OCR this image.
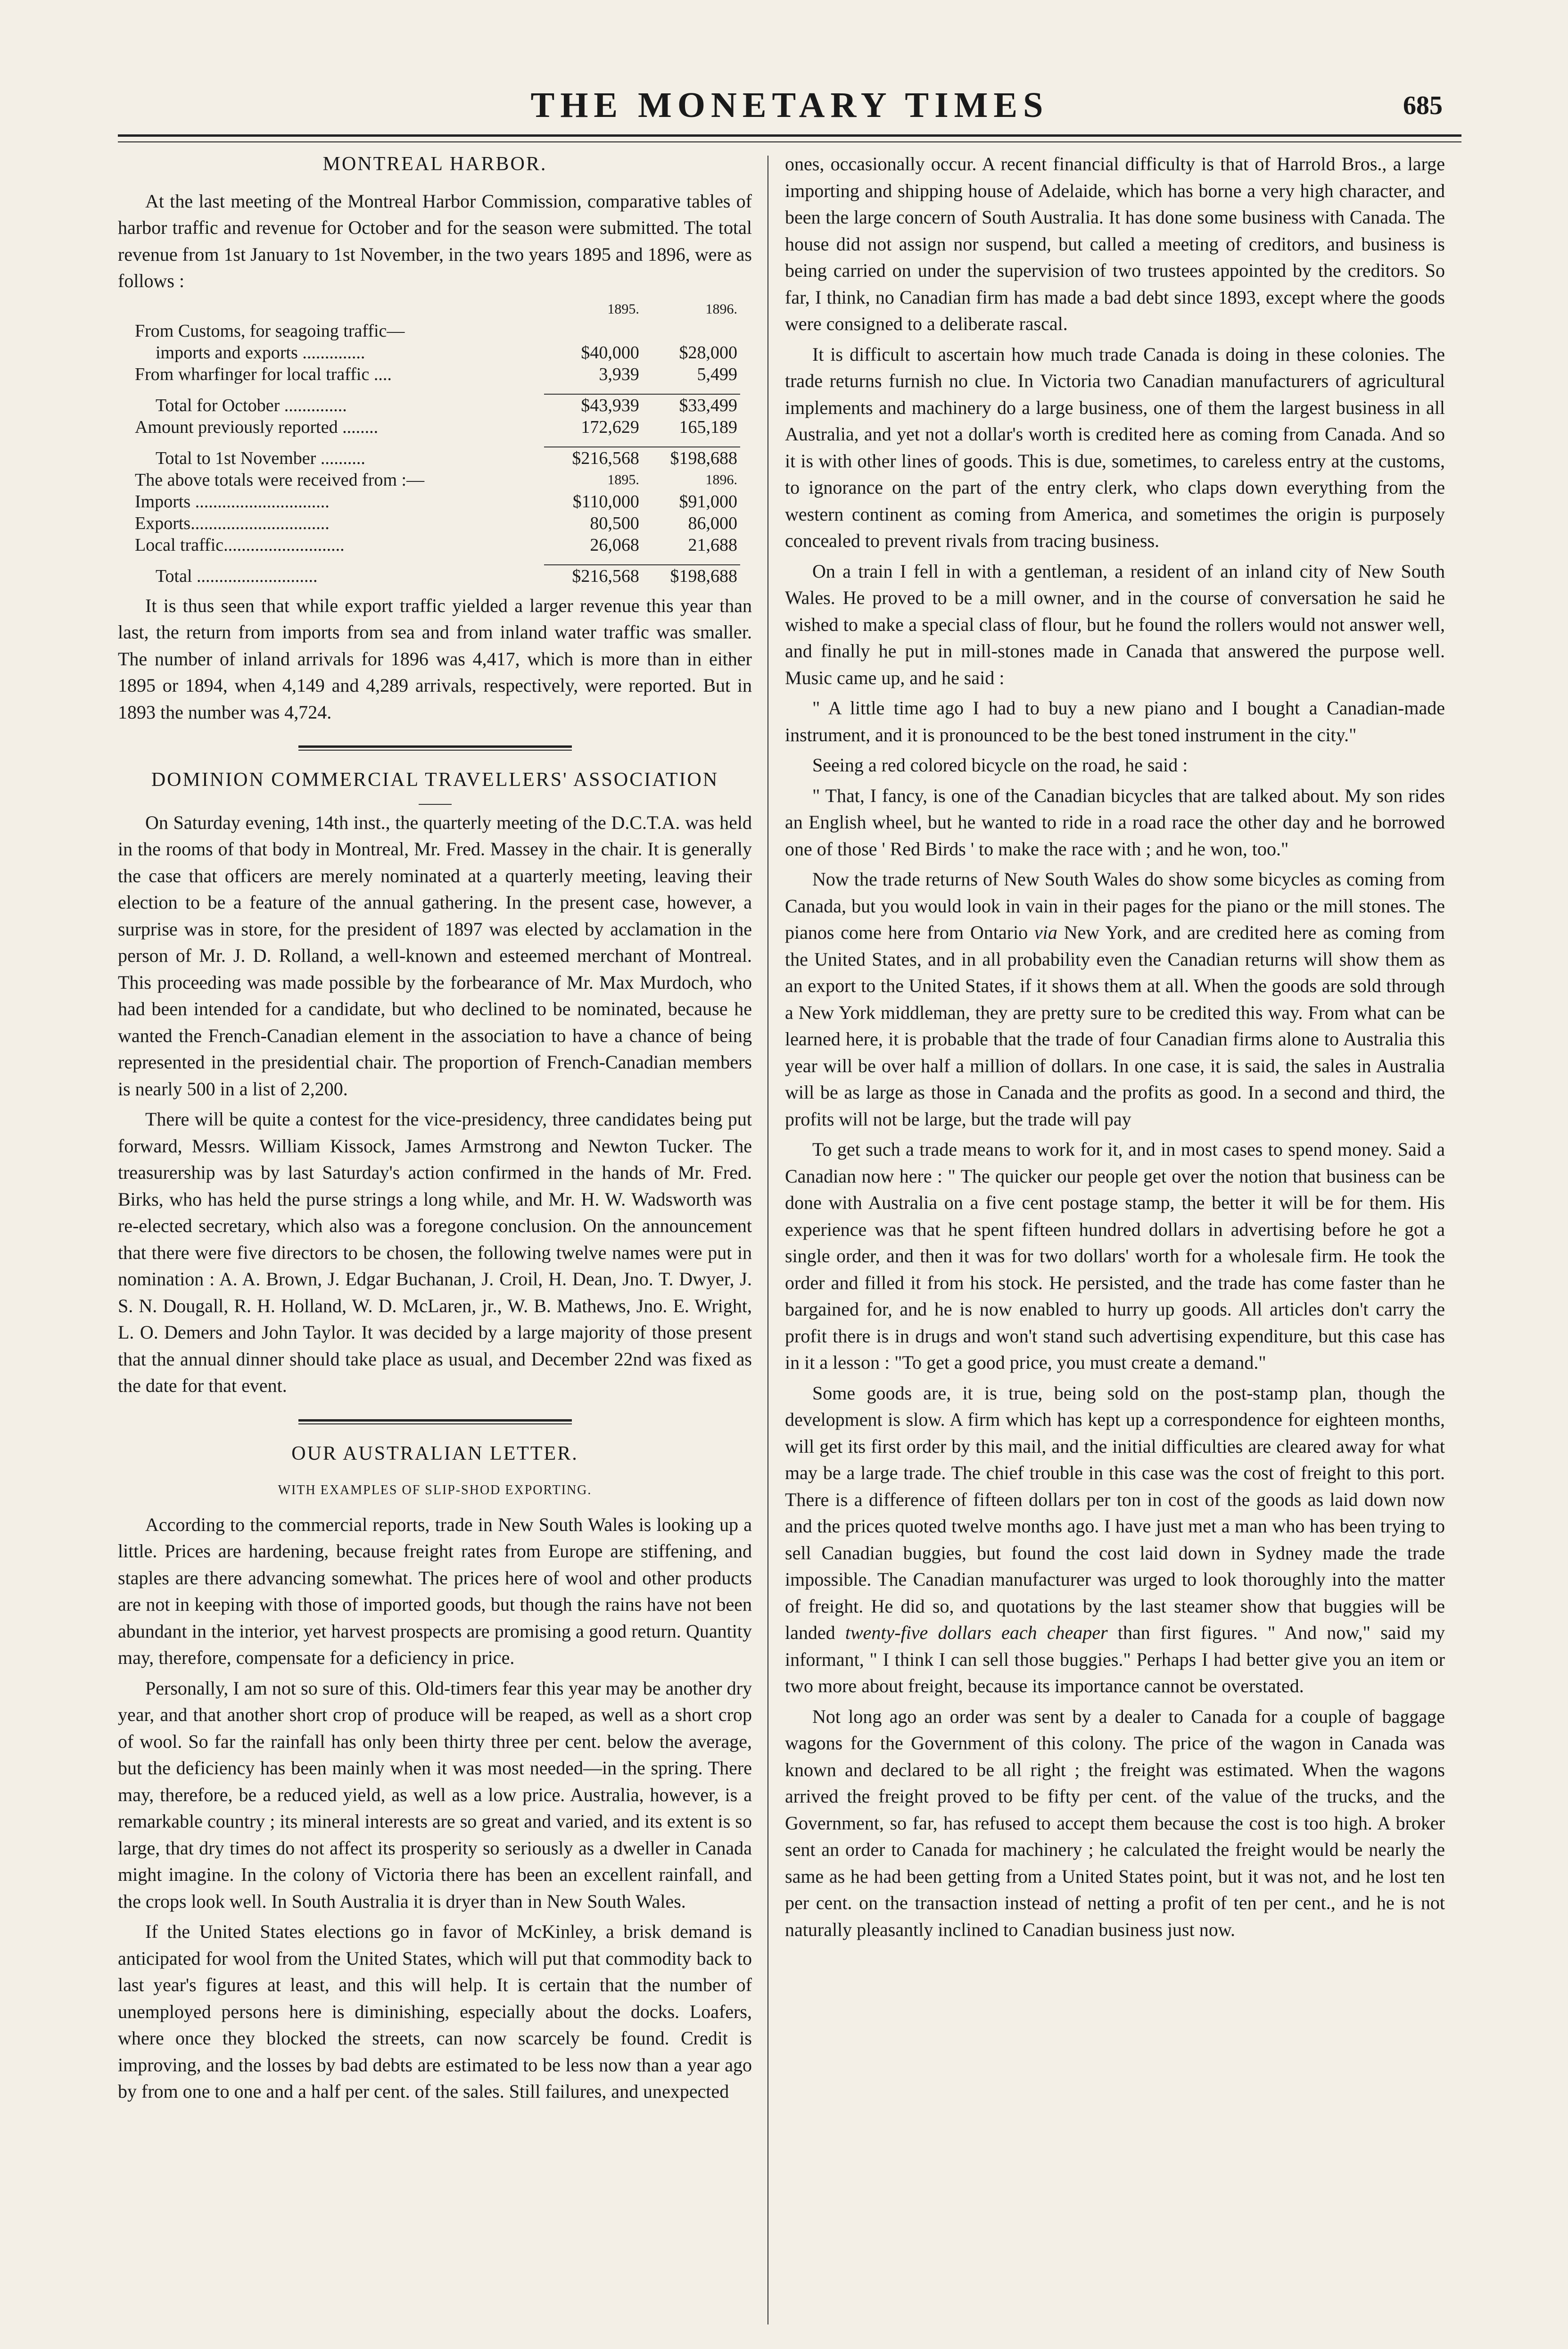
THE MONETARY TIMES	685
MONTREAL HARBOR.

At the last meeting of the Montreal Harbor Commission, comparative tables of harbor traffic and revenue for October and for the season were submitted. The total revenue from 1st January to 1st November, in the two years 1895 and 1896, were as follows :

	1895.	1896.
From Customs, for seagoing traffic—		
imports and exports ..............	$40,000	$28,000
From wharfinger for local traffic ....	3,939	5,499

Total for October ..............	$43,939	$33,499
Amount previously reported ........	172,629	165,189

Total to 1st November ..........	$216,568	$198,688
The above totals were received from :—	1895.	1896.
Imports ..............................	$110,000	$91,000
Exports...............................	80,500	86,000
Local traffic...........................	26,068	21,688

Total ...........................	$216,568	$198,688

It is thus seen that while export traffic yielded a larger revenue this year than last, the return from imports from sea and from inland water traffic was smaller. The number of inland arrivals for 1896 was 4,417, which is more than in either 1895 or 1894, when 4,149 and 4,289 arrivals, respectively, were reported. But in 1893 the number was 4,724.

DOMINION COMMERCIAL TRAVELLERS' ASSOCIATION

On Saturday evening, 14th inst., the quarterly meeting of the D.C.T.A. was held in the rooms of that body in Montreal, Mr. Fred. Massey in the chair. It is generally the case that officers are merely nominated at a quarterly meeting, leaving their election to be a feature of the annual gathering. In the present case, however, a surprise was in store, for the president of 1897 was elected by acclamation in the person of Mr. J. D. Rolland, a well-known and esteemed merchant of Montreal. This proceeding was made possible by the forbearance of Mr. Max Murdoch, who had been intended for a candidate, but who declined to be nominated, because he wanted the French-Canadian element in the association to have a chance of being represented in the presidential chair. The proportion of French-Canadian members is nearly 500 in a list of 2,200.

There will be quite a contest for the vice-presidency, three candidates being put forward, Messrs. William Kissock, James Armstrong and Newton Tucker. The treasurership was by last Saturday's action confirmed in the hands of Mr. Fred. Birks, who has held the purse strings a long while, and Mr. H. W. Wadsworth was re-elected secretary, which also was a foregone conclusion. On the announcement that there were five directors to be chosen, the following twelve names were put in nomination : A. A. Brown, J. Edgar Buchanan, J. Croil, H. Dean, Jno. T. Dwyer, J. S. N. Dougall, R. H. Holland, W. D. McLaren, jr., W. B. Mathews, Jno. E. Wright, L. O. Demers and John Taylor. It was decided by a large majority of those present that the annual dinner should take place as usual, and December 22nd was fixed as the date for that event.

OUR AUSTRALIAN LETTER.
WITH EXAMPLES OF SLIP-SHOD EXPORTING.

According to the commercial reports, trade in New South Wales is looking up a little. Prices are hardening, because freight rates from Europe are stiffening, and staples are there advancing somewhat. The prices here of wool and other products are not in keeping with those of imported goods, but though the rains have not been abundant in the interior, yet harvest prospects are promising a good return. Quantity may, therefore, compensate for a deficiency in price.

Personally, I am not so sure of this. Old-timers fear this year may be another dry year, and that another short crop of produce will be reaped, as well as a short crop of wool. So far the rainfall has only been thirty three per cent. below the average, but the deficiency has been mainly when it was most needed—in the spring. There may, therefore, be a reduced yield, as well as a low price. Australia, however, is a remarkable country ; its mineral interests are so great and varied, and its extent is so large, that dry times do not affect its prosperity so seriously as a dweller in Canada might imagine. In the colony of Victoria there has been an excellent rainfall, and the crops look well. In South Australia it is dryer than in New South Wales.

If the United States elections go in favor of McKinley, a brisk demand is anticipated for wool from the United States, which will put that commodity back to last year's figures at least, and this will help. It is certain that the number of unemployed persons here is diminishing, especially about the docks. Loafers, where once they blocked the streets, can now scarcely be found. Credit is improving, and the losses by bad debts are estimated to be less now than a year ago by from one to one and a half per cent. of the sales. Still failures, and unexpected

ones, occasionally occur. A recent financial difficulty is that of Harrold Bros., a large importing and shipping house of Adelaide, which has borne a very high character, and been the large concern of South Australia. It has done some business with Canada. The house did not assign nor suspend, but called a meeting of creditors, and business is being carried on under the supervision of two trustees appointed by the creditors. So far, I think, no Canadian firm has made a bad debt since 1893, except where the goods were consigned to a deliberate rascal.

It is difficult to ascertain how much trade Canada is doing in these colonies. The trade returns furnish no clue. In Victoria two Canadian manufacturers of agricultural implements and machinery do a large business, one of them the largest business in all Australia, and yet not a dollar's worth is credited here as coming from Canada. And so it is with other lines of goods. This is due, sometimes, to careless entry at the customs, to ignorance on the part of the entry clerk, who claps down everything from the western continent as coming from America, and sometimes the origin is purposely concealed to prevent rivals from tracing business.

On a train I fell in with a gentleman, a resident of an inland city of New South Wales. He proved to be a mill owner, and in the course of conversation he said he wished to make a special class of flour, but he found the rollers would not answer well, and finally he put in mill-stones made in Canada that answered the purpose well. Music came up, and he said :

" A little time ago I had to buy a new piano and I bought a Canadian-made instrument, and it is pronounced to be the best toned instrument in the city."

Seeing a red colored bicycle on the road, he said :

" That, I fancy, is one of the Canadian bicycles that are talked about. My son rides an English wheel, but he wanted to ride in a road race the other day and he borrowed one of those ' Red Birds ' to make the race with ; and he won, too."

Now the trade returns of New South Wales do show some bicycles as coming from Canada, but you would look in vain in their pages for the piano or the mill stones. The pianos come here from Ontario via New York, and are credited here as coming from the United States, and in all probability even the Canadian returns will show them as an export to the United States, if it shows them at all. When the goods are sold through a New York middleman, they are pretty sure to be credited this way. From what can be learned here, it is probable that the trade of four Canadian firms alone to Australia this year will be over half a million of dollars. In one case, it is said, the sales in Australia will be as large as those in Canada and the profits as good. In a second and third, the profits will not be large, but the trade will pay

To get such a trade means to work for it, and in most cases to spend money. Said a Canadian now here : " The quicker our people get over the notion that business can be done with Australia on a five cent postage stamp, the better it will be for them. His experience was that he spent fifteen hundred dollars in advertising before he got a single order, and then it was for two dollars' worth for a wholesale firm. He took the order and filled it from his stock. He persisted, and the trade has come faster than he bargained for, and he is now enabled to hurry up goods. All articles don't carry the profit there is in drugs and won't stand such advertising expenditure, but this case has in it a lesson : "To get a good price, you must create a demand."

Some goods are, it is true, being sold on the post-stamp plan, though the development is slow. A firm which has kept up a correspondence for eighteen months, will get its first order by this mail, and the initial difficulties are cleared away for what may be a large trade. The chief trouble in this case was the cost of freight to this port. There is a difference of fifteen dollars per ton in cost of the goods as laid down now and the prices quoted twelve months ago. I have just met a man who has been trying to sell Canadian buggies, but found the cost laid down in Sydney made the trade impossible. The Canadian manufacturer was urged to look thoroughly into the matter of freight. He did so, and quotations by the last steamer show that buggies will be landed twenty-five dollars each cheaper than first figures. " And now," said my informant, " I think I can sell those buggies." Perhaps I had better give you an item or two more about freight, because its importance cannot be overstated.

Not long ago an order was sent by a dealer to Canada for a couple of baggage wagons for the Government of this colony. The price of the wagon in Canada was known and declared to be all right ; the freight was estimated. When the wagons arrived the freight proved to be fifty per cent. of the value of the trucks, and the Government, so far, has refused to accept them because the cost is too high. A broker sent an order to Canada for machinery ; he calculated the freight would be nearly the same as he had been getting from a United States point, but it was not, and he lost ten per cent. on the transaction instead of netting a profit of ten per cent., and he is not naturally pleasantly inclined to Canadian business just now.
